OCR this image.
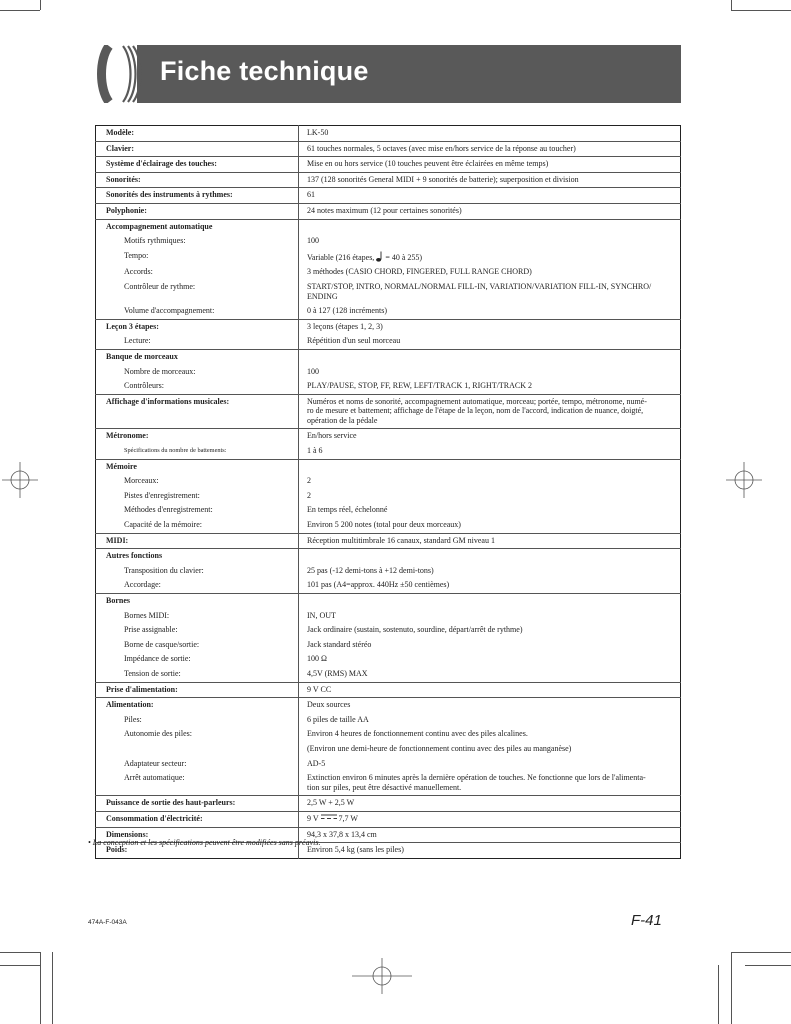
Fiche technique
Modèle:	LK-50
Clavier:	61 touches normales, 5 octaves (avec mise en/hors service de la réponse au toucher)
Système d'éclairage des touches:	Mise en ou hors service (10 touches peuvent être éclairées en même temps)
Sonorités:	137 (128 sonorités General MIDI + 9 sonorités de batterie); superposition et division
Sonorités des instruments à rythmes:	61
Polyphonie:	24 notes maximum (12 pour certaines sonorités)
Accompagnement automatique	
Motifs rythmiques:	100
Tempo:	Variable (216 étapes,  = 40 à 255)
Accords:	3 méthodes (CASIO CHORD, FINGERED, FULL RANGE CHORD)
Contrôleur de rythme:	START/STOP, INTRO, NORMAL/NORMAL FILL-IN, VARIATION/VARIATION FILL-IN, SYNCHRO/
ENDING
Volume d'accompagnement:	0 à 127 (128 incréments)
Leçon 3 étapes:	3 leçons (étapes 1, 2, 3)
Lecture:	Répétition d'un seul morceau
Banque de morceaux	
Nombre de morceaux:	100
Contrôleurs:	PLAY/PAUSE, STOP, FF, REW, LEFT/TRACK 1, RIGHT/TRACK 2
Affichage d'informations musicales:	Numéros et noms de sonorité, accompagnement automatique, morceau; portée, tempo, métronome, numé-
ro de mesure et battement; affichage de l'étape de la leçon, nom de l'accord, indication de nuance, doigté,
opération de la pédale
Métronome:	En/hors service
Spécifications du nombre de battements:	1 à 6
Mémoire	
Morceaux:	2
Pistes d'enregistrement:	2
Méthodes d'enregistrement:	En temps réel, échelonné
Capacité de la mémoire:	Environ 5 200 notes (total pour deux morceaux)
MIDI:	Réception multitimbrale 16 canaux, standard GM niveau 1
Autres fonctions	
Transposition du clavier:	25 pas (-12 demi-tons à +12 demi-tons)
Accordage:	101 pas (A4=approx. 440Hz ±50 centièmes)
Bornes	
Bornes MIDI:	IN, OUT
Prise assignable:	Jack ordinaire (sustain, sostenuto, sourdine, départ/arrêt de rythme)
Borne de casque/sortie:	Jack standard stéréo
Impédance de sortie:	100 Ω
Tension de sortie:	4,5V (RMS) MAX
Prise d'alimentation:	9 V CC
Alimentation:	Deux sources
Piles:	6 piles de taille AA
Autonomie des piles:	Environ 4 heures de fonctionnement continu avec des piles alcalines.
	(Environ une demi-heure de fonctionnement continu avec des piles au manganèse)
Adaptateur secteur:	AD-5
Arrêt automatique:	Extinction environ 6 minutes après la dernière opération de touches. Ne fonctionne que lors de l'alimenta-
tion sur piles, peut être désactivé manuellement.
Puissance de sortie des haut-parleurs:	2,5 W + 2,5 W
Consommation d'électricité:	9 V  7,7 W
Dimensions:	94,3 x 37,8 x 13,4 cm
Poids:	Environ 5,4 kg (sans les piles)
• La conception et les spécifications peuvent être modifiées sans préavis.
474A-F-043A	F-41
